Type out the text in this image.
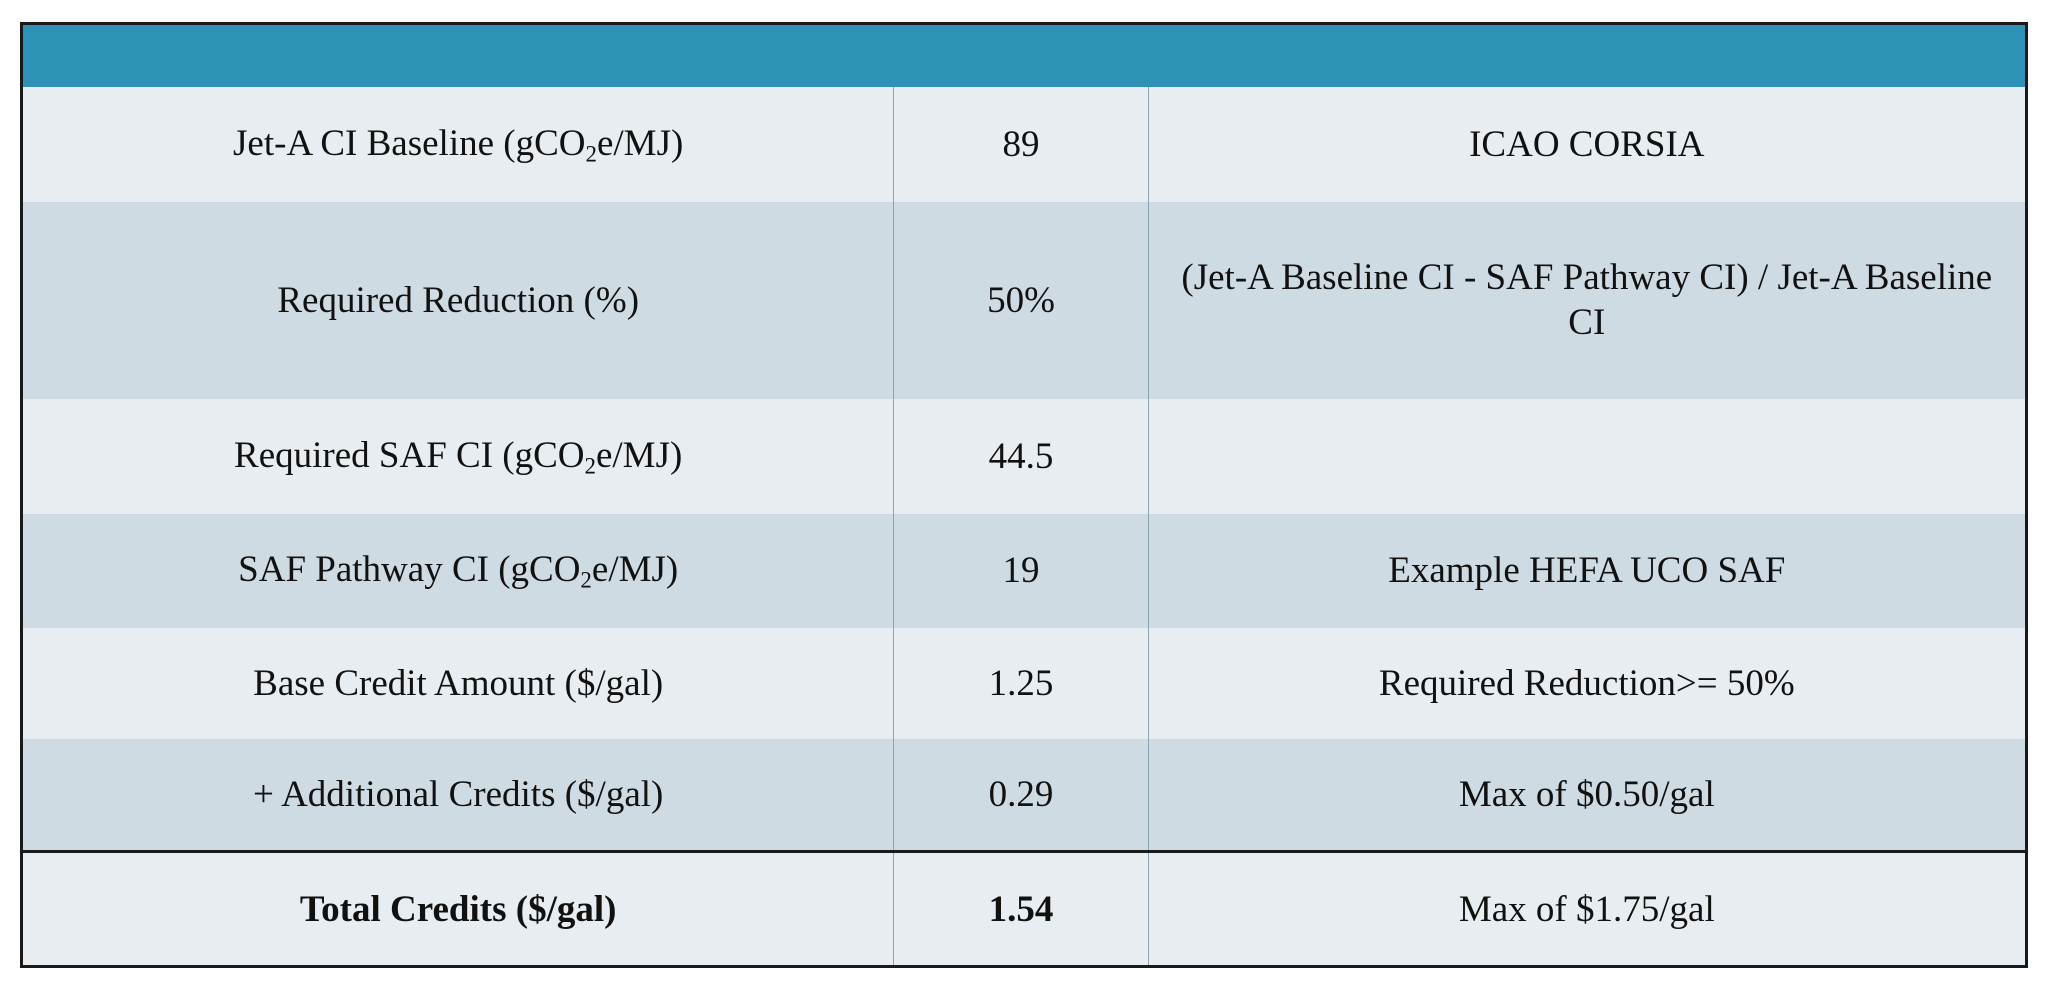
Jet-A CI Baseline (gCO$_2$e/MJ)	89	ICAO CORSIA
Required Reduction (%)	50%	(Jet-A Baseline CI - SAF Pathway CI) / Jet-A Baseline CI
Required SAF CI (gCO$_2$e/MJ)	44.5	
SAF Pathway CI (gCO$_2$e/MJ)	19	Example HEFA UCO SAF
Base Credit Amount ($/gal)	1.25	Required Reduction>= 50%
+ Additional Credits ($/gal)	0.29	Max of $0.50/gal
Total Credits ($/gal)	1.54	Max of $1.75/gal
